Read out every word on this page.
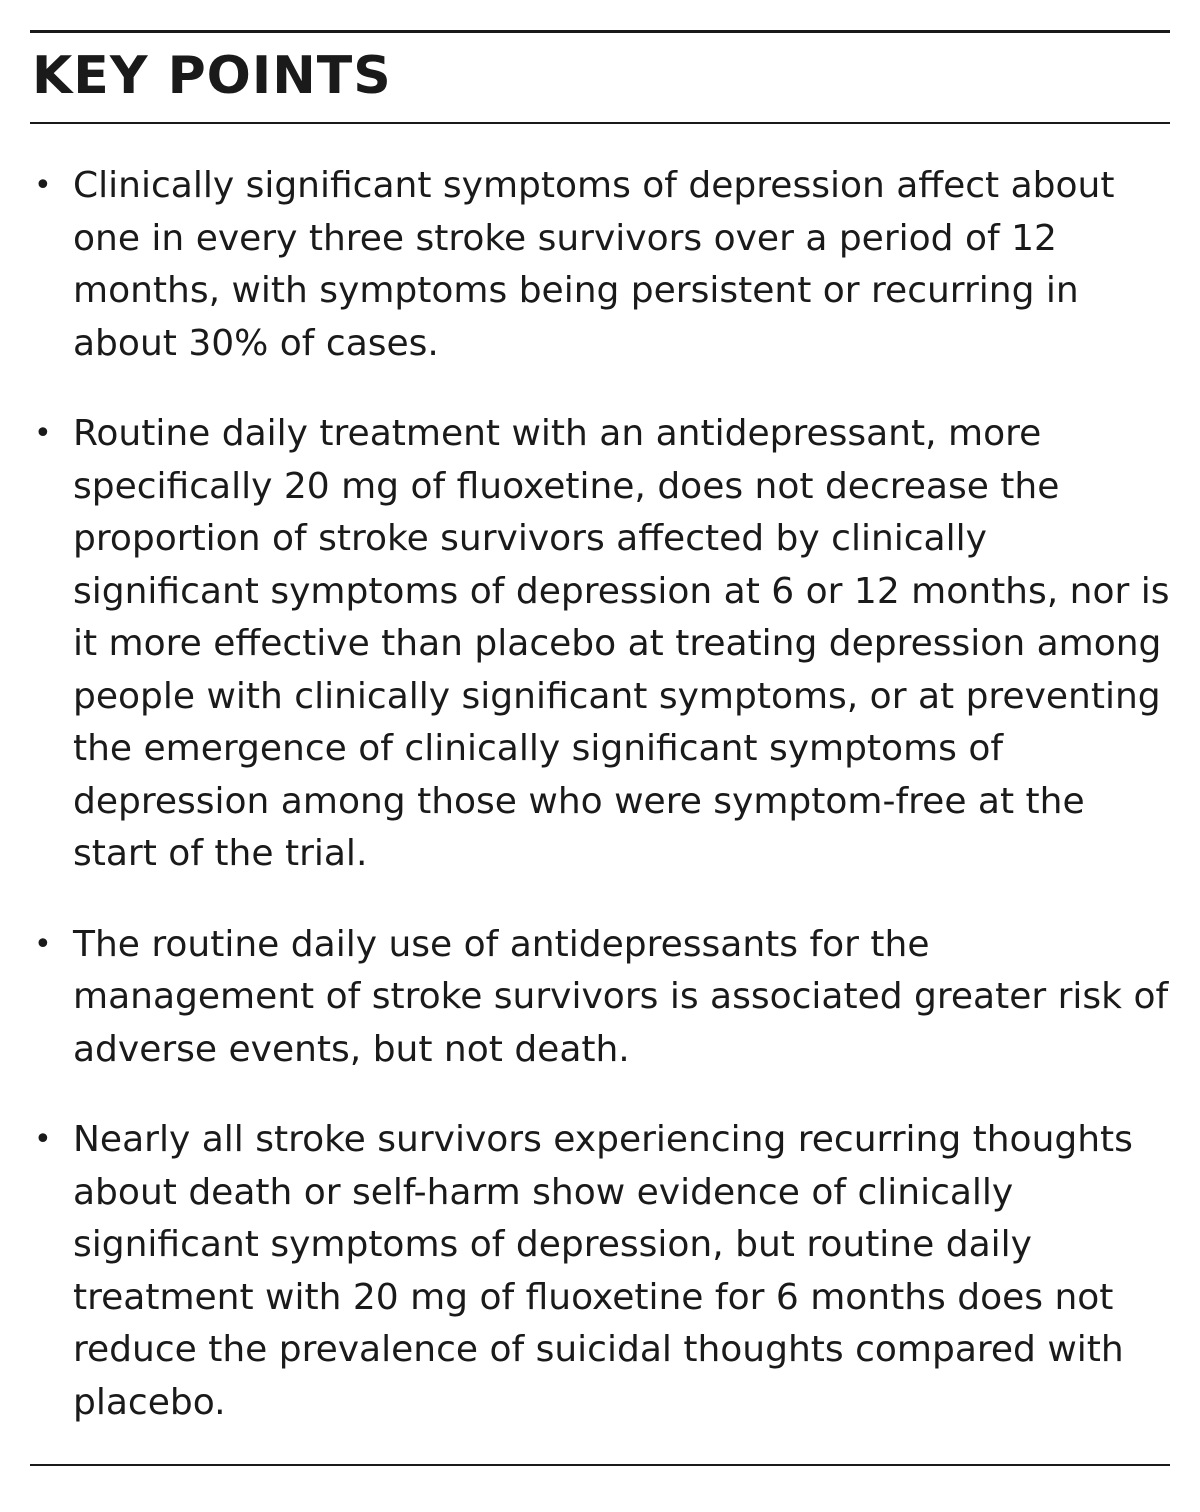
KEY POINTS
• Clinically significant symptoms of depression affect about one in every three stroke survivors over a period of 12 months, with symptoms being persistent or recurring in about 30% of cases.
• Routine daily treatment with an antidepressant, more specifically 20 mg of fluoxetine, does not decrease the proportion of stroke survivors affected by clinically significant symptoms of depression at 6 or 12 months, nor is it more effective than placebo at treating depression among people with clinically significant symptoms, or at preventing the emergence of clinically significant symptoms of depression among those who were symptom-free at the start of the trial.
• The routine daily use of antidepressants for the management of stroke survivors is associated greater risk of adverse events, but not death.
• Nearly all stroke survivors experiencing recurring thoughts about death or self-harm show evidence of clinically significant symptoms of depression, but routine daily treatment with 20 mg of fluoxetine for 6 months does not reduce the prevalence of suicidal thoughts compared with placebo.
